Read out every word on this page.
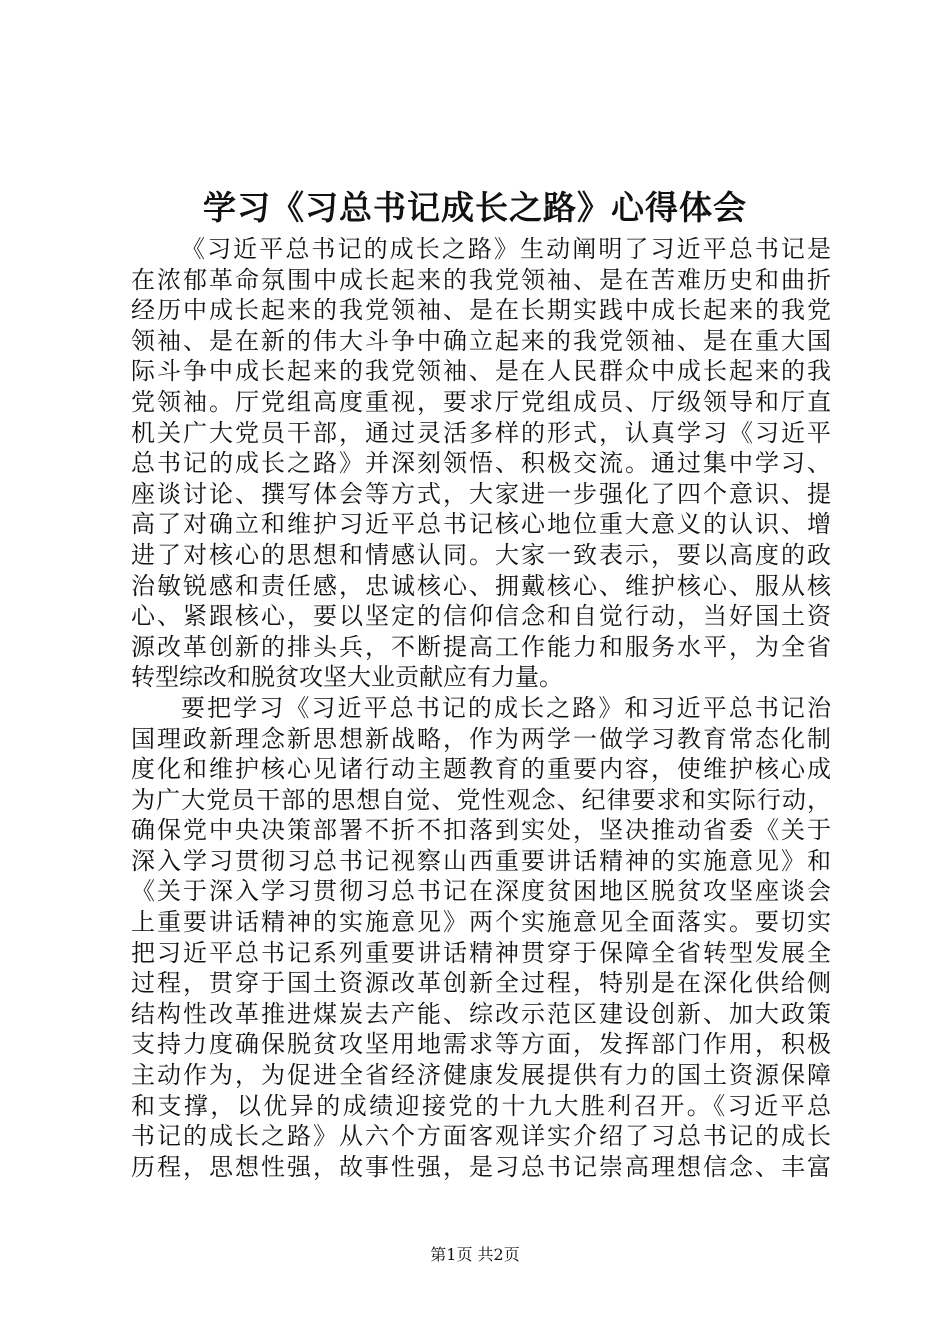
学习《习总书记成长之路》心得体会
《习近平总书记的成长之路》生动阐明了习近平总书记是
在浓郁革命氛围中成长起来的我党领袖、是在苦难历史和曲折
经历中成长起来的我党领袖、是在长期实践中成长起来的我党
领袖、是在新的伟大斗争中确立起来的我党领袖、是在重大国
际斗争中成长起来的我党领袖、是在人民群众中成长起来的我
党领袖。厅党组高度重视，要求厅党组成员、厅级领导和厅直
机关广大党员干部，通过灵活多样的形式，认真学习《习近平
总书记的成长之路》并深刻领悟、积极交流。通过集中学习、
座谈讨论、撰写体会等方式，大家进一步强化了四个意识、提
高了对确立和维护习近平总书记核心地位重大意义的认识、增
进了对核心的思想和情感认同。大家一致表示，要以高度的政
治敏锐感和责任感，忠诚核心、拥戴核心、维护核心、服从核
心、紧跟核心，要以坚定的信仰信念和自觉行动，当好国土资
源改革创新的排头兵，不断提高工作能力和服务水平，为全省
转型综改和脱贫攻坚大业贡献应有力量。
要把学习《习近平总书记的成长之路》和习近平总书记治
国理政新理念新思想新战略，作为两学一做学习教育常态化制
度化和维护核心见诸行动主题教育的重要内容，使维护核心成
为广大党员干部的思想自觉、党性观念、纪律要求和实际行动，
确保党中央决策部署不折不扣落到实处，坚决推动省委《关于
深入学习贯彻习总书记视察山西重要讲话精神的实施意见》和
《关于深入学习贯彻习总书记在深度贫困地区脱贫攻坚座谈会
上重要讲话精神的实施意见》两个实施意见全面落实。要切实
把习近平总书记系列重要讲话精神贯穿于保障全省转型发展全
过程，贯穿于国土资源改革创新全过程，特别是在深化供给侧
结构性改革推进煤炭去产能、综改示范区建设创新、加大政策
支持力度确保脱贫攻坚用地需求等方面，发挥部门作用，积极
主动作为，为促进全省经济健康发展提供有力的国土资源保障
和支撑，以优异的成绩迎接党的十九大胜利召开。《习近平总
书记的成长之路》从六个方面客观详实介绍了习总书记的成长
历程，思想性强，故事性强，是习总书记崇高理想信念、丰富
第1页 共2页
